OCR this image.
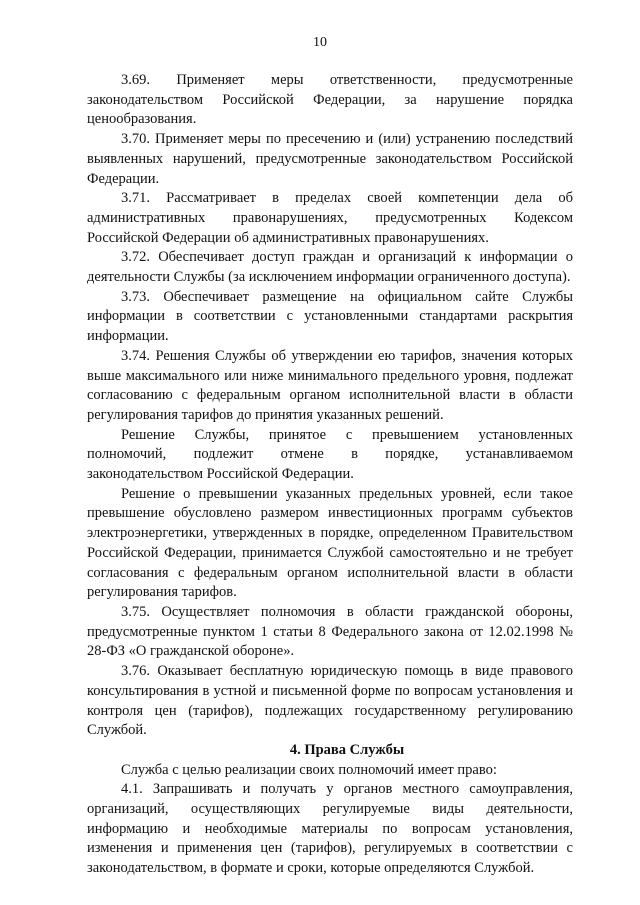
10

3.69. Применяет меры ответственности, предусмотренные законодательством Российской Федерации, за нарушение порядка ценообразования.

3.70. Применяет меры по пресечению и (или) устранению последствий выявленных нарушений, предусмотренные законодательством Российской Федерации.

3.71. Рассматривает в пределах своей компетенции дела об административных правонарушениях, предусмотренных Кодексом Российской Федерации об административных правонарушениях.

3.72. Обеспечивает доступ граждан и организаций к информации о деятельности Службы (за исключением информации ограниченного доступа).

3.73. Обеспечивает размещение на официальном сайте Службы информации в соответствии с установленными стандартами раскрытия информации.

3.74. Решения Службы об утверждении ею тарифов, значения которых выше максимального или ниже минимального предельного уровня, подлежат согласованию с федеральным органом исполнительной власти в области регулирования тарифов до принятия указанных решений.

Решение Службы, принятое с превышением установленных полномочий, подлежит отмене в порядке, устанавливаемом законодательством Российской Федерации.

Решение о превышении указанных предельных уровней, если такое превышение обусловлено размером инвестиционных программ субъектов электроэнергетики, утвержденных в порядке, определенном Правительством Российской Федерации, принимается Службой самостоятельно и не требует согласования с федеральным органом исполнительной власти в области регулирования тарифов.

3.75. Осуществляет полномочия в области гражданской обороны, предусмотренные пунктом 1 статьи 8 Федерального закона от 12.02.1998 № 28-ФЗ «О гражданской обороне».

3.76. Оказывает бесплатную юридическую помощь в виде правового консультирования в устной и письменной форме по вопросам установления и контроля цен (тарифов), подлежащих государственному регулированию Службой.

4. Права Службы

Служба с целью реализации своих полномочий имеет право:

4.1. Запрашивать и получать у органов местного самоуправления, организаций, осуществляющих регулируемые виды деятельности, информацию и необходимые материалы по вопросам установления, изменения и применения цен (тарифов), регулируемых в соответствии с законодательством, в формате и сроки, которые определяются Службой.
